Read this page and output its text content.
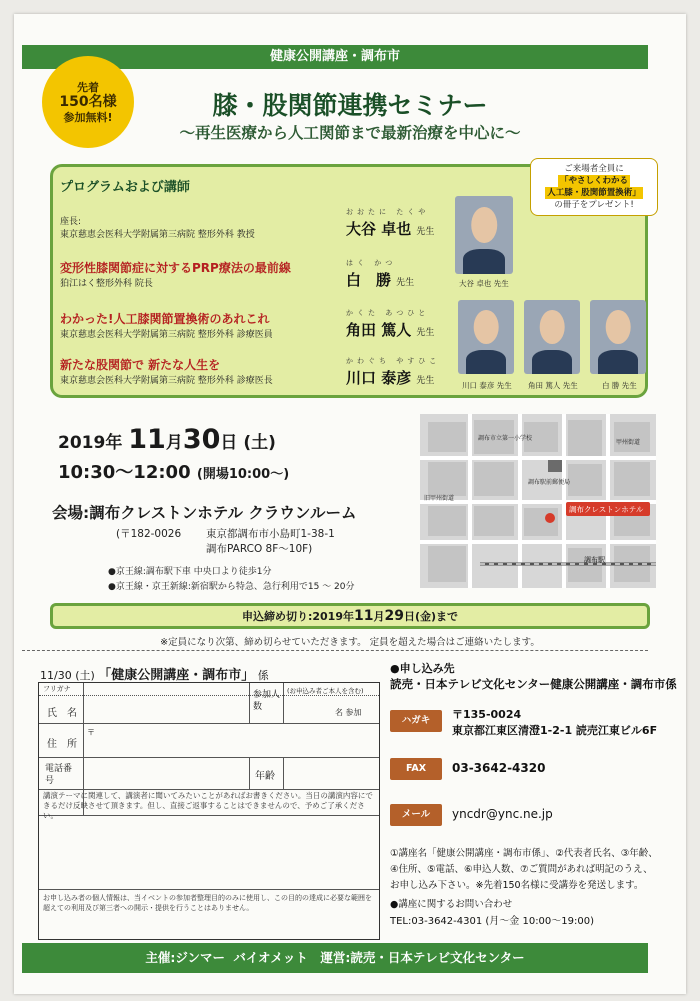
健康公開講座・調布市
先着
150名様
参加無料!	膝・股関節連携セミナー
〜再生医療から人工関節まで最新治療を中心に〜
プログラムおよび講師
ご来場者全員に
「やさしくわかる
人工膝・股関節置換術」
の冊子をプレゼント!
座長:
東京慈恵会医科大学附属第三病院 整形外科 教授
おおたに たくや
大谷 卓也 先生
変形性膝関節症に対するPRP療法の最前線
狛江はく整形外科 院長
はく かつ
白　勝 先生
わかった!人工膝関節置換術のあれこれ
東京慈恵会医科大学附属第三病院 整形外科 診療医員
かくた あつひと
角田 篤人 先生
新たな股関節で 新たな人生を
東京慈恵会医科大学附属第三病院 整形外科 診療医長
かわぐち やすひこ
川口 泰彦 先生
大谷 卓也 先生
川口 泰彦 先生 角田 篤人 先生	白 勝 先生
2019年 11月30日 (土)
10:30〜12:00 (開場10:00〜)
会場:調布クレストンホテル クラウンルーム
(〒182-0026 東京都調布市小島町1-38-1
調布PARCO 8F〜10F)
●京王線:調布駅下車 中央口より徒歩1分
●京王線・京王新線:新宿駅から特急、急行利用で15 〜 20分
調布クレストンホテル
調布駅
調布市立第一小学校
調布駅前郵便局
甲州街道
旧甲州街道
申込締め切り:2019年11月29日(金)まで
※定員になり次第、締め切らせていただきます。 定員を超えた場合はご連絡いたします。
11/30 (土) 「健康公開講座・調布市」 係
フリガナ
氏　名
参加人数
(お申込み者ご本人を含む)
名 参加
住　所
〒
電話番号	年齢
講演テーマに関連して、講演者に聞いてみたいことがあればお書きください。当日の講演内容にできるだけ反映させて頂きます。但し、直接ご返事することはできませんので、予めご了承ください。
お申し込み者の個人情報は、当イベントの参加者整理目的のみに使用し、この目的の達成に必要な範囲を超えての利用及び第三者への開示・提供を行うことはありません。
●申し込み先
読売・日本テレビ文化センター健康公開講座・調布市係
ハガキ	〒135-0024
東京都江東区清澄1-2-1 読売江東ビル6F
FAX	03-3642-4320
メール	yncdr@ync.ne.jp
①講座名「健康公開講座・調布市係」、②代表者氏名、③年齢、
④住所、⑤電話、⑥申込人数、⑦ご質問があれば明記のうえ、
お申し込み下さい。※先着150名様に受講券を発送します。
●講座に関するお問い合わせ
TEL:03-3642-4301 (月〜金 10:00〜19:00)
主催:ジンマー バイオメット　運営:読売・日本テレビ文化センター
